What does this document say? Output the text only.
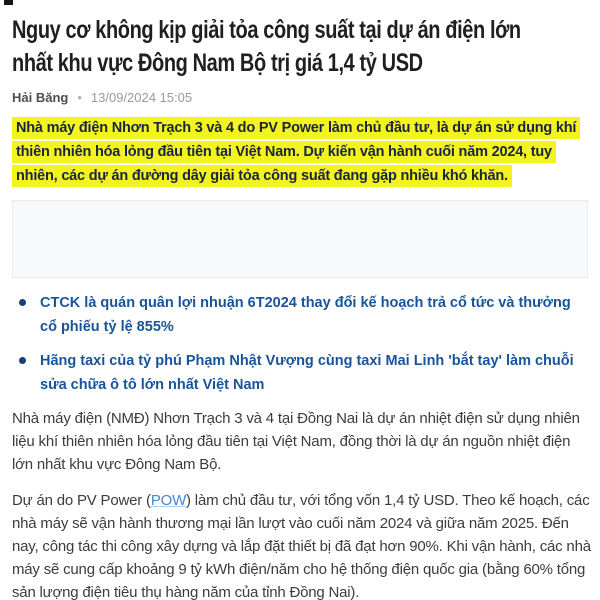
Nguy cơ không kịp giải tỏa công suất tại dự án điện lớn
nhất khu vực Đông Nam Bộ trị giá 1,4 tỷ USD
Hải Băng • 13/09/2024 15:05

Nhà máy điện Nhơn Trạch 3 và 4 do PV Power làm chủ đầu tư, là dự án sử dụng khí thiên nhiên hóa lỏng đầu tiên tại Việt Nam. Dự kiến vận hành cuối năm 2024, tuy nhiên, các dự án đường dây giải tỏa công suất đang gặp nhiều khó khăn.

CTCK là quán quân lợi nhuận 6T2024 thay đổi kế hoạch trả cổ tức và thưởng cổ phiếu tỷ lệ 855%
Hãng taxi của tỷ phú Phạm Nhật Vượng cùng taxi Mai Linh 'bắt tay' làm chuỗi sửa chữa ô tô lớn nhất Việt Nam

Nhà máy điện (NMĐ) Nhơn Trạch 3 và 4 tại Đồng Nai là dự án nhiệt điện sử dụng nhiên liệu khí thiên nhiên hóa lỏng đầu tiên tại Việt Nam, đồng thời là dự án nguồn nhiệt điện lớn nhất khu vực Đông Nam Bộ.

Dự án do PV Power (POW) làm chủ đầu tư, với tổng vốn 1,4 tỷ USD. Theo kế hoạch, các nhà máy sẽ vận hành thương mại lần lượt vào cuối năm 2024 và giữa năm 2025. Đến nay, công tác thi công xây dựng và lắp đặt thiết bị đã đạt hơn 90%. Khi vận hành, các nhà máy sẽ cung cấp khoảng 9 tỷ kWh điện/năm cho hệ thống điện quốc gia (bằng 60% tổng sản lượng điện tiêu thụ hàng năm của tỉnh Đồng Nai).
